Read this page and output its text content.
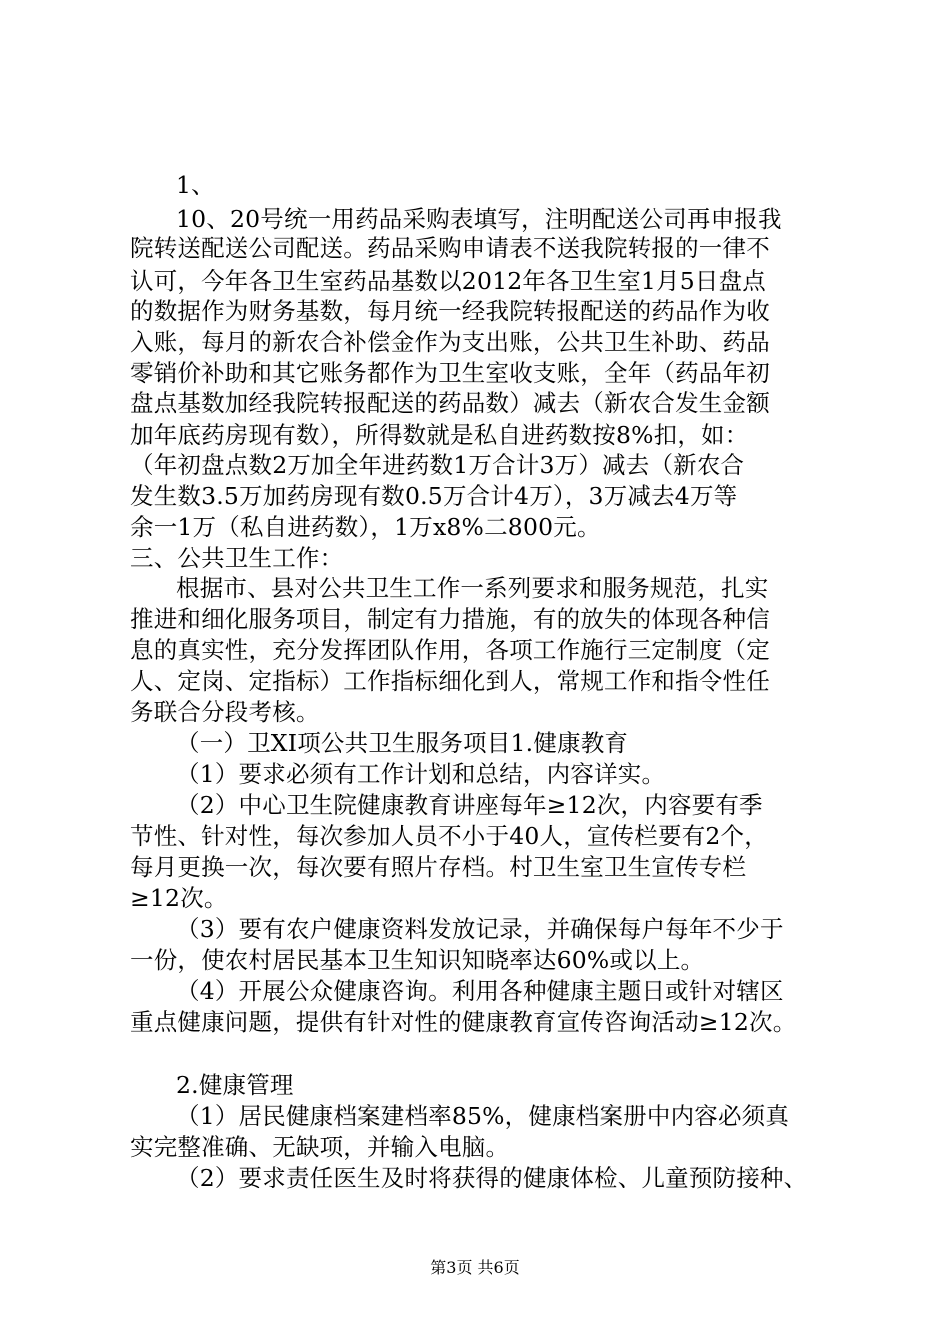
1、
10、20号统一用药品采购表填写，注明配送公司再申报我
院转送配送公司配送。药品采购申请表不送我院转报的一律不
认可，今年各卫生室药品基数以2012年各卫生室1月5日盘点
的数据作为财务基数，每月统一经我院转报配送的药品作为收
入账，每月的新农合补偿金作为支出账，公共卫生补助、药品
零销价补助和其它账务都作为卫生室收支账，全年（药品年初
盘点基数加经我院转报配送的药品数）减去（新农合发生金额
加年底药房现有数），所得数就是私自进药数按8%扣，如：
（年初盘点数2万加全年进药数1万合计3万）减去（新农合
发生数3.5万加药房现有数0.5万合计4万），3万减去4万等
余一1万（私自进药数），1万x8%二800元。
三、公共卫生工作：
根据市、县对公共卫生工作一系列要求和服务规范，扎实
推进和细化服务项目，制定有力措施，有的放失的体现各种信
息的真实性，充分发挥团队作用，各项工作施行三定制度（定
人、定岗、定指标）工作指标细化到人，常规工作和指令性任
务联合分段考核。
（一）卫XI项公共卫生服务项目1.健康教育
（1）要求必须有工作计划和总结，内容详实。
（2）中心卫生院健康教育讲座每年≥12次，内容要有季
节性、针对性，每次参加人员不小于40人，宣传栏要有2个，
每月更换一次，每次要有照片存档。村卫生室卫生宣传专栏
≥12次。
（3）要有农户健康资料发放记录，并确保每户每年不少于
一份，使农村居民基本卫生知识知晓率达60%或以上。
（4）开展公众健康咨询。利用各种健康主题日或针对辖区
重点健康问题，提供有针对性的健康教育宣传咨询活动≥12次。
2.健康管理
（1）居民健康档案建档率85%，健康档案册中内容必须真
实完整准确、无缺项，并输入电脑。
（2）要求责任医生及时将获得的健康体检、儿童预防接种、
第3页 共6页
